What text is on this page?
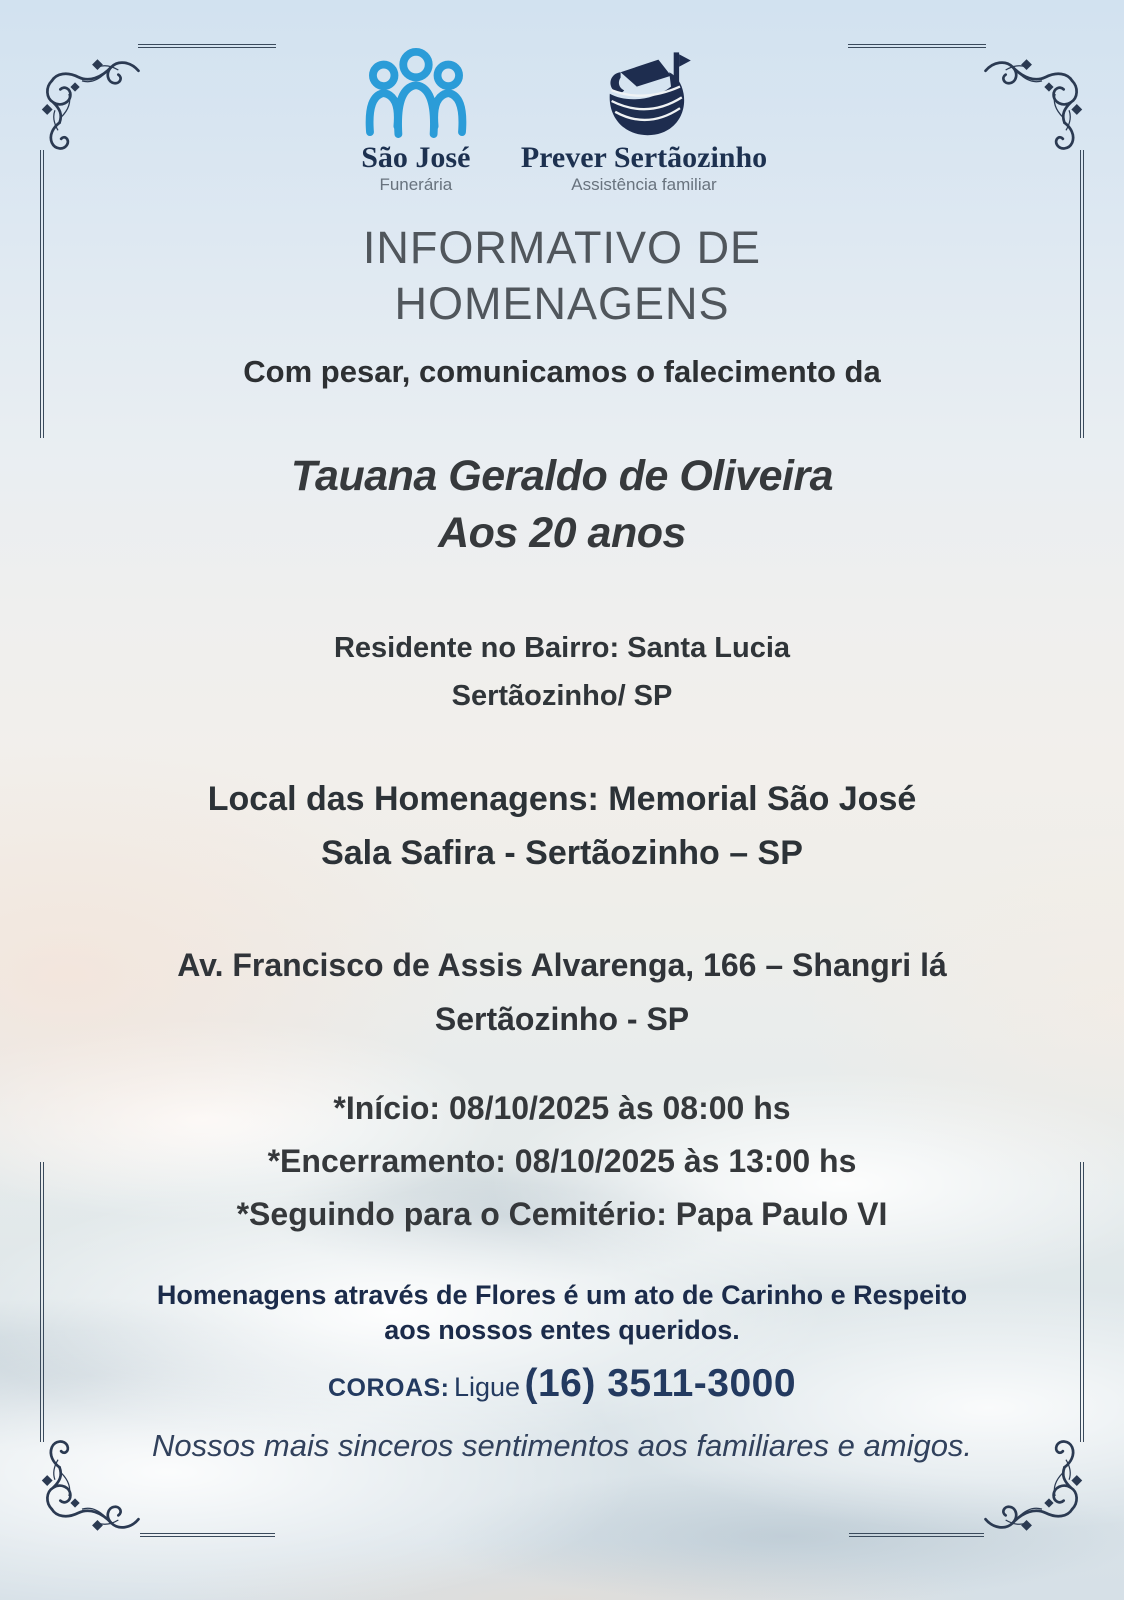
São José
Funerária
Prever Sertãozinho
Assistência familiar
INFORMATIVO DE
HOMENAGENS
Com pesar, comunicamos o falecimento da
Tauana Geraldo de Oliveira
Aos 20 anos
Residente no Bairro: Santa Lucia
Sertãozinho/ SP
Local das Homenagens: Memorial São José
Sala Safira - Sertãozinho – SP
Av. Francisco de Assis Alvarenga, 166 – Shangri lá
Sertãozinho - SP
*Início: 08/10/2025 às 08:00 hs
*Encerramento: 08/10/2025 às 13:00 hs
*Seguindo para o Cemitério: Papa Paulo VI
Homenagens através de Flores é um ato de Carinho e Respeito
aos nossos entes queridos.
COROAS: Ligue (16) 3511-3000
Nossos mais sinceros sentimentos aos familiares e amigos.
